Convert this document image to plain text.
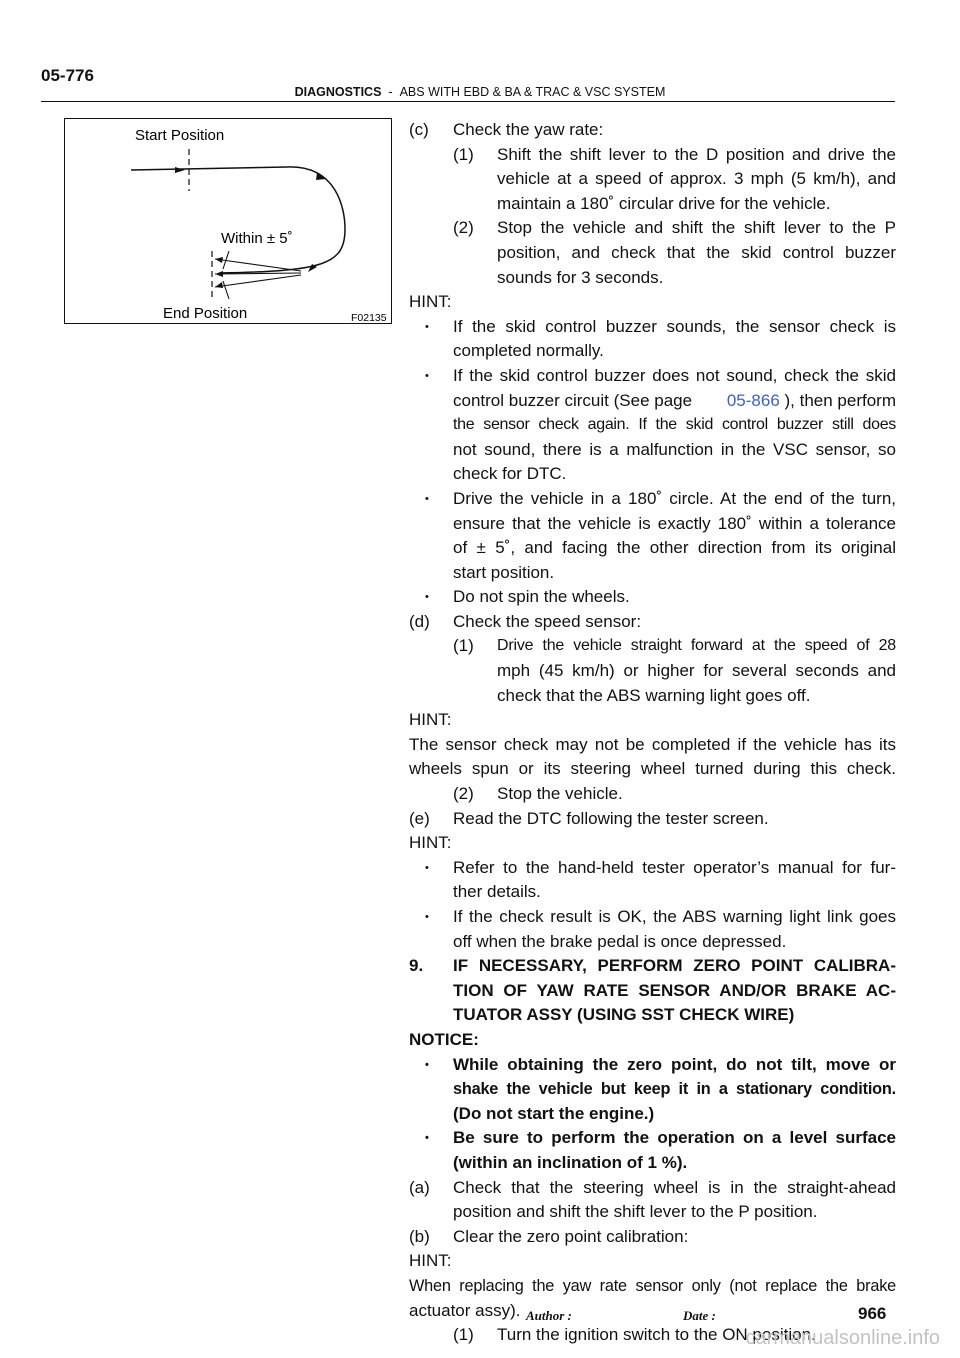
05-776
DIAGNOSTICS - ABS WITH EBD & BA & TRAC & VSC SYSTEM
Start Position
Within ± 5˚
End Position	F02135
(c) Check the yaw rate:
(1) Shift the shift lever to the D position and drive the
vehicle at a speed of approx. 3 mph (5 km/h), and
maintain a 180˚ circular drive for the vehicle.
(2) Stop the vehicle and shift the shift lever to the P
position, and check that the skid control buzzer
sounds for 3 seconds.
HINT:
• If the skid control buzzer sounds, the sensor check is
completed normally.
• If the skid control buzzer does not sound, check the skid
control buzzer circuit (See page 05-866 ), then perform
the sensor check again. If the skid control buzzer still does
not sound, there is a malfunction in the VSC sensor, so
check for DTC.
• Drive the vehicle in a 180˚ circle. At the end of the turn,
ensure that the vehicle is exactly 180˚ within a tolerance
of ± 5˚, and facing the other direction from its original
start position.
• Do not spin the wheels.
(d) Check the speed sensor:
(1) Drive the vehicle straight forward at the speed of 28
mph (45 km/h) or higher for several seconds and
check that the ABS warning light goes off.
HINT:
The sensor check may not be completed if the vehicle has its
wheels spun or its steering wheel turned during this check.
(2) Stop the vehicle.
(e) Read the DTC following the tester screen.
HINT:
• Refer to the hand-held tester operator’s manual for fur-
ther details.
• If the check result is OK, the ABS warning light link goes
off when the brake pedal is once depressed.
9. IF NECESSARY, PERFORM ZERO POINT CALIBRA-
TION OF YAW RATE SENSOR AND/OR BRAKE AC-
TUATOR ASSY (USING SST CHECK WIRE)
NOTICE:
• While obtaining the zero point, do not tilt, move or
shake the vehicle but keep it in a stationary condition.
(Do not start the engine.)
• Be sure to perform the operation on a level surface
(within an inclination of 1 %).
(a) Check that the steering wheel is in the straight-ahead
position and shift the shift lever to the P position.
(b) Clear the zero point calibration:
HINT:
When replacing the yaw rate sensor only (not replace the brake
actuator assy).
(1) Turn the ignition switch to the ON position.
Author :	Date :	966
carmanualsonline.info
